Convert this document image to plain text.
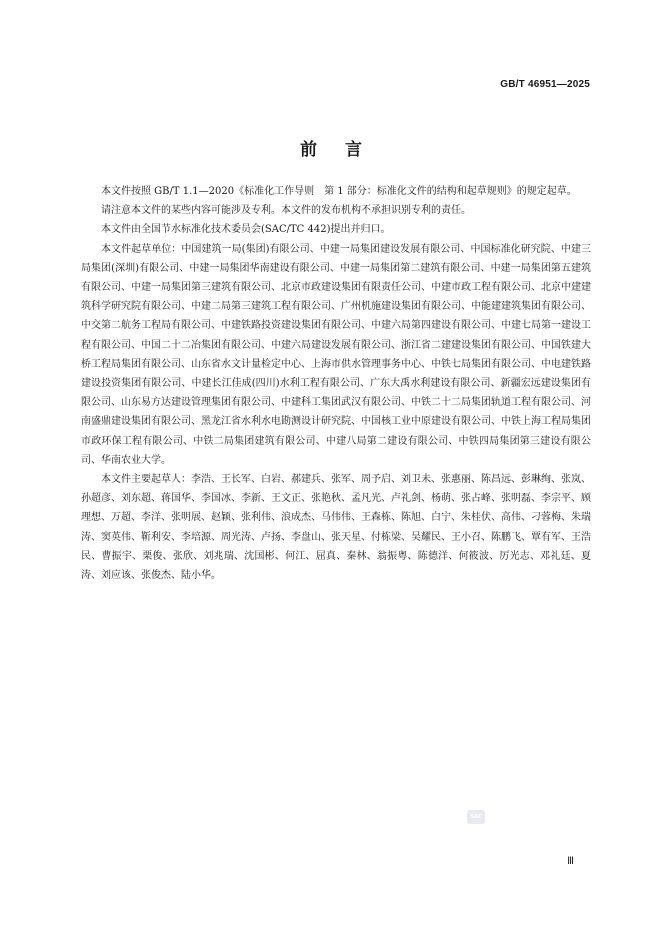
GB/T 46951—2025
前言

本文件按照 GB/T 1.1—2020《标准化工作导则　第 1 部分：标准化文件的结构和起草规则》的规定起草。

请注意本文件的某些内容可能涉及专利。本文件的发布机构不承担识别专利的责任。

本文件由全国节水标准化技术委员会(SAC/TC 442)提出并归口。

本文件起草单位：中国建筑一局(集团)有限公司、中建一局集团建设发展有限公司、中国标准化研究院、中建三局集团(深圳)有限公司、中建一局集团华南建设有限公司、中建一局集团第二建筑有限公司、中建一局集团第五建筑有限公司、中建一局集团第三建筑有限公司、北京市政建设集团有限责任公司、中建市政工程有限公司、北京中建建筑科学研究院有限公司、中建二局第三建筑工程有限公司、广州机施建设集团有限公司、中能建建筑集团有限公司、中交第二航务工程局有限公司、中建铁路投资建设集团有限公司、中建六局第四建设有限公司、中建七局第一建设工程有限公司、中国二十二冶集团有限公司、中建六局建设发展有限公司、浙江省二建建设集团有限公司、中国铁建大桥工程局集团有限公司、山东省水文计量检定中心、上海市供水管理事务中心、中铁七局集团有限公司、中电建铁路建设投资集团有限公司、中建长江佳成(四川)水利工程有限公司、广东大禹水利建设有限公司、新疆宏远建设集团有限公司、山东易方达建设管理集团有限公司、中建科工集团武汉有限公司、中铁二十二局集团轨道工程有限公司、河南盛鼎建设集团有限公司、黑龙江省水利水电勘测设计研究院、中国核工业中原建设有限公司、中铁上海工程局集团市政环保工程有限公司、中铁二局集团建筑有限公司、中建八局第二建设有限公司、中铁四局集团第三建设有限公司、华南农业大学。

本文件主要起草人：李浩、王长军、白岩、郝建兵、张军、周予启、刘卫未、张惠丽、陈昌远、彭琳绚、张岚、孙超彦、刘东超、蒋国华、李国冰、李新、王文正、张艳秋、孟凡光、卢礼剑、杨萌、张占峰、张明磊、李宗平、顾理想、万超、李洋、张明展、赵颖、张利伟、浪成杰、马伟伟、王森栋、陈旭、白宁、朱桂伏、高伟、刁蓉梅、朱瑞涛、窦英伟、靳利安、李培源、周光涛、卢扬、李盘山、张天星、付栋梁、吴耀民、王小召、陈鹏飞、覃有军、王浩民、曹振宇、栗俊、张欣、刘兆瑞、沈国彬、何江、屈真、秦林、翁振粤、陈德洋、何筱波、厉光志、邓礼廷、夏涛、刘应该、张俊杰、陆小华。

SAC
Ⅲ
